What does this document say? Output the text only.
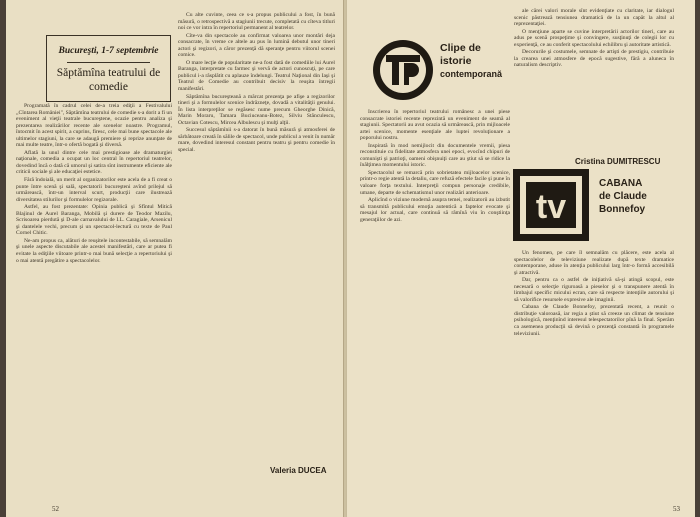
Bucureşti, 1-7 septembrie
Săptămîna teatrului de comedie

Programată în cadrul celei de-a treia ediţii a Festivalului „Cîntarea României", Săptămîna teatrului de comedie s-a dorit a fi un eveniment al vieţii teatrale bucureştene, ocazie pentru analiza şi prezentarea realizărilor recente ale scenelor noastre. Programul, întocmit în acest spirit, a cuprins, firesc, cele mai bune spectacole ale ultimelor stagiuni, la care se adaugă premiere şi reprize anunţate de mai multe teatre, într-o ofertă bogată şi diversă.

Aflată la unul dintre cele mai prestigioase ale dramaturgiei naţionale, comedia a ocupat un loc central în repertoriul teatrelor, dovedind încă o dată că umorul şi satira sînt instrumente eficiente ale criticii sociale şi ale educaţiei estetice.

Fără îndoială, un merit al organizatorilor este acela de a fi creat o punte între scenă şi sală, spectatorii bucureşteni avînd prilejul să urmărească, într-un interval scurt, producţii care ilustrează diversitatea stilurilor şi formulelor regizorale.

Astfel, au fost prezentate: Opinia publică şi Sfîntul Mitică Blajinul de Aurel Baranga, Mobilă şi durere de Teodor Mazilu, Scrisoarea pierdută şi D-ale carnavalului de I.L. Caragiale, Arsenicul şi dantelele vechi, precum şi un spectacol-lectură cu texte de Paul Cornel Chitic.

Ne-am propus ca, alături de reuşitele incontestabile, să semnalăm şi unele aspecte discutabile ale acestei manifestări, care ar putea fi evitate la ediţiile viitoare printr-o mai bună selecţie a repertoriului şi o mai atentă pregătire a spectacolelor.

Cu alte cuvinte, ceea ce s-a propus publicului a fost, în bună măsură, o retrospectivă a stagiunii trecute, completată cu cîteva titluri noi ce vor intra în repertoriul permanent al teatrelor.

Cîte-va din spectacole au confirmat valoarea unor montări deja consacrate, în vreme ce altele au pus în lumină debutul unor tineri actori şi regizori, a căror prezenţă dă speranţe pentru viitorul scenei comice.

O mare lecţie de popularitate ne-a fost dată de comediile lui Aurel Baranga, interpretate cu farmec şi vervă de actori cunoscuţi, pe care publicul i-a răsplătit cu aplauze îndelungi. Teatrul Naţional din Iaşi şi Teatrul de Comedie au contribuit decisiv la reuşita întregii manifestări.

Săptămîna bucureşteană a mărcat prezenţa pe afişe a regizorilor tineri şi a formulelor scenice îndrăzneţe, dovadă a vitalităţii genului. În lista interpreţilor se regăsesc nume precum Gheorghe Dinică, Marin Moraru, Tamara Buciuceanu-Botez, Silviu Stănculescu, Octavian Cotescu, Mircea Albulescu şi mulţi alţii.

Succesul săptămînii s-a datorat în bună măsură şi atmosferei de sărbătoare creată în sălile de spectacol, unde publicul a venit în număr mare, dovedind interesul constant pentru teatru şi pentru comedie în special.

Valeria DUCEA
52

ale cărei valori morale sînt evidenţiate cu claritate, iar dialogul scenic păstrează tensiunea dramatică de la un capăt la altul al reprezentaţiei.

O menţiune aparte se cuvine interpretării actorilor tineri, care au adus pe scenă prospeţime şi convingere, susţinuţi de colegii lor cu experienţă, ce au conferit spectacolului echilibru şi autoritate artistică.

Decorurile şi costumele, semnate de artişti de prestigiu, contribuie la crearea unei atmosfere de epocă sugestive, fără a aluneca în naturalism descriptiv.

Cristina DUMITRESCU

Inscrierea în repertoriul teatrului românesc a unei piese consacrate istoriei recente reprezintă un eveniment de seamă al stagiunii. Spectatorii au avut ocazia să urmărească, prin mijloacele artei scenice, momente esenţiale ale luptei revoluţionare a poporului nostru.

Inspirată în mod nemijlocit din documentele vremii, piesa reconstituie cu fidelitate atmosfera unei epoci, evocînd chipuri de comunişti şi patrioţi, oameni obişnuiţi care au ştiut să se ridice la înălţimea momentului istoric.

Spectacolul se remarcă prin sobrietatea mijloacelor scenice, printr-o regie atentă la detaliu, care refuză efectele facile şi pune în valoare forţa textului. Interpreţii compun personaje credibile, umane, departe de schematismul unor realizări anterioare.

Aplicînd o viziune modernă asupra temei, realizatorii au izbutit să transmită publicului emoţia autentică a faptelor evocate şi mesajul lor actual, care continuă să rămînă viu în conştiinţa generaţiilor de azi.

Un fenomen, pe care îl semnalăm cu plăcere, este acela al spectacolelor de televiziune realizate după texte dramatice contemporane, aduse în atenţia publicului larg într-o formă accesibilă şi atractivă.

Dar, pentru ca o astfel de iniţiativă să-şi atingă scopul, este necesară o selecţie riguroasă a pieselor şi o transpunere atentă în limbajul specific micului ecran, care să respecte intenţiile autorului şi să valorifice resursele expresive ale imaginii.

Cabana de Claude Bonnefoy, prezentată recent, a reunit o distribuţie valoroasă, iar regia a ştiut să creeze un climat de tensiune psihologică, menţinînd interesul telespectatorilor pînă la final. Sperăm ca asemenea producţii să devină o prezenţă constantă în programele televiziunii.

53
Clipe de
istorie
contemporană
tv
CABANA
de Claude
Bonnefoy
